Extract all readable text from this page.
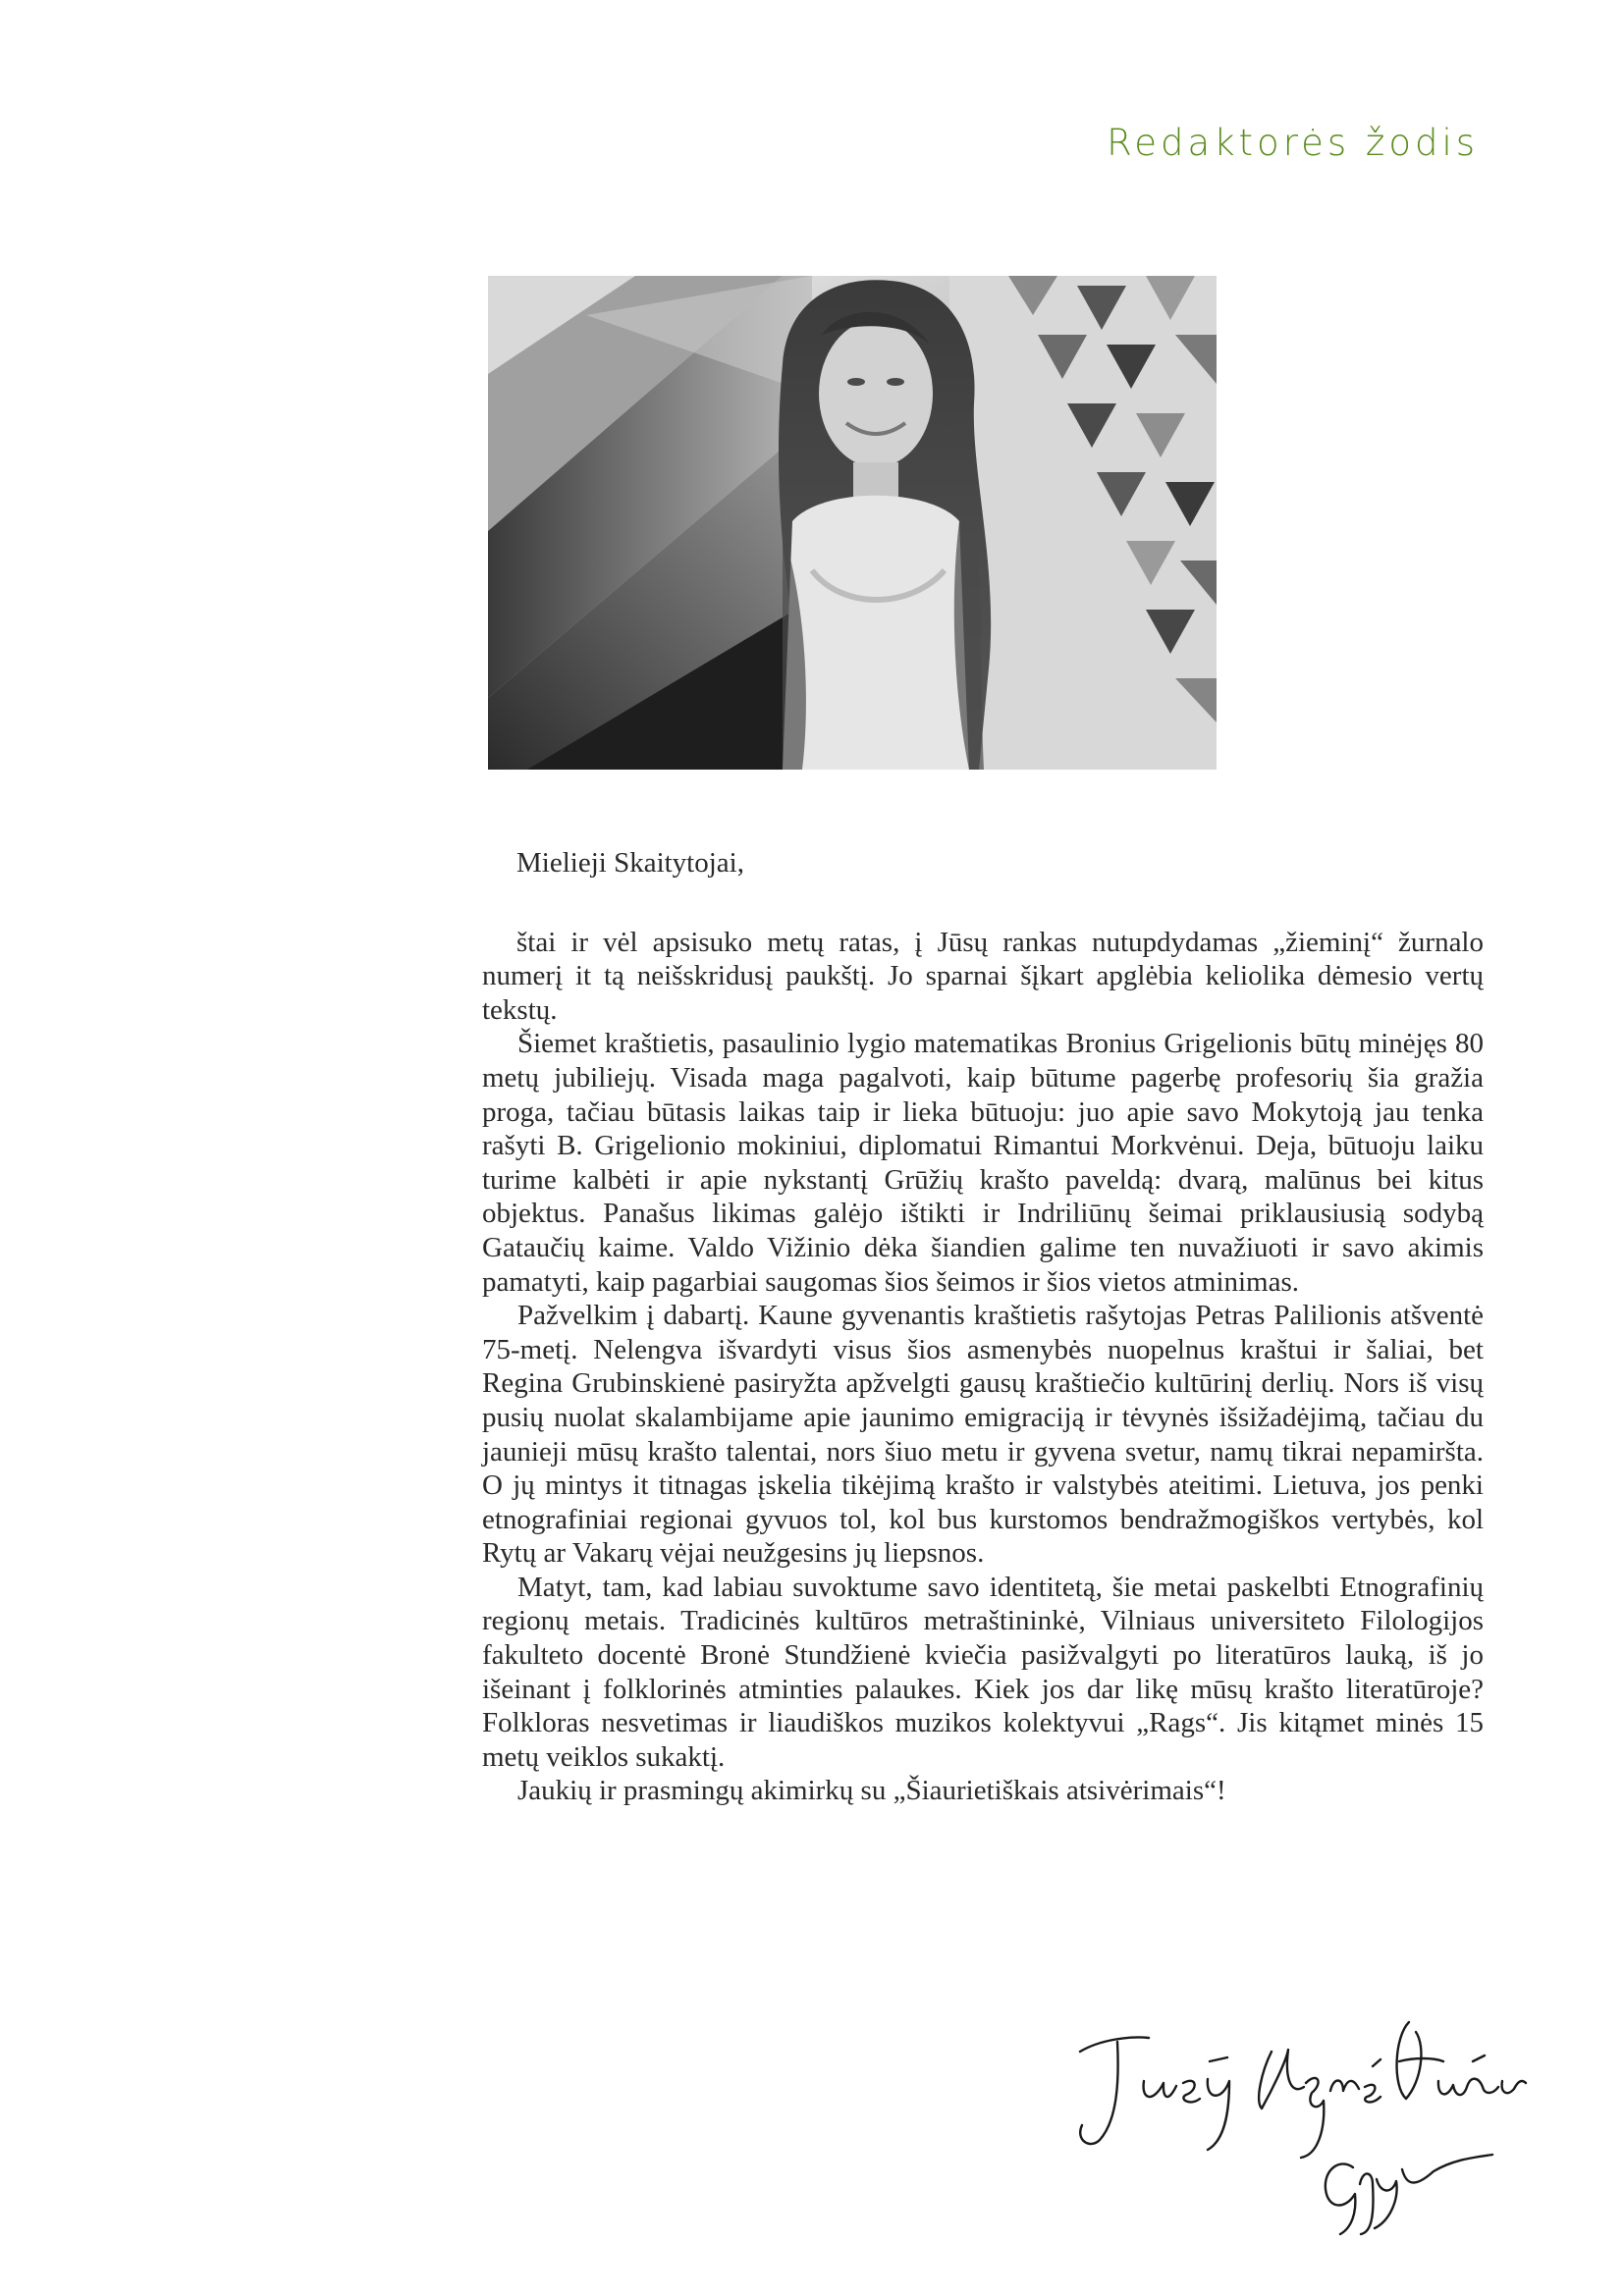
Redaktorės žodis

Mielieji Skaitytojai,

štai ir vėl apsisuko metų ratas, į Jūsų rankas nutupdydamas „žieminį“ žurnalo numerį it tą neišskridusį paukštį. Jo sparnai šįkart apglėbia keliolika dėmesio vertų tekstų.

Šiemet kraštietis, pasaulinio lygio matematikas Bronius Grigelionis būtų minėjęs 80 metų jubiliejų. Visada maga pagalvoti, kaip būtume pagerbę profesorių šia gražia proga, tačiau būtasis laikas taip ir lieka būtuoju: juo apie savo Mokytoją jau tenka rašyti B. Grigelionio mokiniui, diplomatui Rimantui Morkvėnui. Deja, būtuoju laiku turime kalbėti ir apie nykstantį Grūžių krašto paveldą: dvarą, malūnus bei kitus objektus. Panašus likimas galėjo ištikti ir Indriliūnų šeimai priklausiusią sodybą Gataučių kaime. Valdo Vižinio dėka šiandien galime ten nuvažiuoti ir savo akimis pamatyti, kaip pagarbiai saugomas šios šeimos ir šios vietos atminimas.

Pažvelkim į dabartį. Kaune gyvenantis kraštietis rašytojas Petras Palilionis atšventė 75-metį. Nelengva išvardyti visus šios asmenybės nuopelnus kraštui ir šaliai, bet Regina Grubinskienė pasiryžta apžvelgti gausų kraštiečio kultūrinį derlių. Nors iš visų pusių nuolat skalambijame apie jaunimo emigraciją ir tėvynės išsižadėjimą, tačiau du jaunieji mūsų krašto talentai, nors šiuo metu ir gyvena svetur, namų tikrai nepamiršta. O jų mintys it titnagas įskelia tikėjimą krašto ir valstybės ateitimi. Lietuva, jos penki etnografiniai regionai gyvuos tol, kol bus kurstomos bendražmogiškos vertybės, kol Rytų ar Vakarų vėjai neužgesins jų liepsnos.

Matyt, tam, kad labiau suvoktume savo identitetą, šie metai paskelbti Etnografinių regionų metais. Tradicinės kultūros metraštininkė, Vilniaus universiteto Filologijos fakulteto docentė Bronė Stundžienė kviečia pasižvalgyti po literatūros lauką, iš jo išeinant į folklorinės atminties palaukes. Kiek jos dar likę mūsų krašto literatūroje? Folkloras nesvetimas ir liaudiškos muzikos kolektyvui „Rags“. Jis kitąmet minės 15 metų veiklos sukaktį.

Jaukių ir prasmingų akimirkų su „Šiaurietiškais atsivėrimais“!
